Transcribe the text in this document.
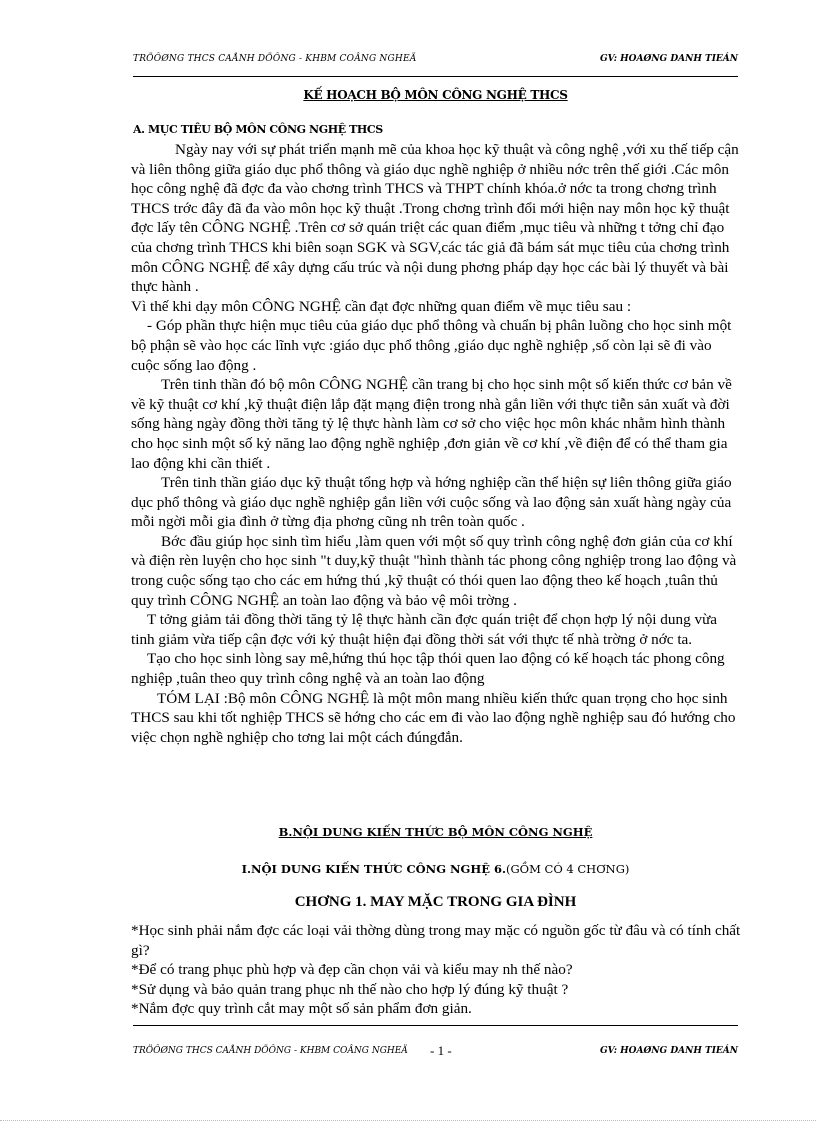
TRÖÔØNG THCS CAÅNH DÖÔNG - KHBM COÂNG NGHEÄ	GV: HOAØNG DANH TIEÁN
KẾ HOẠCH BỘ MÔN CÔNG NGHỆ THCS
A. MỤC TIÊU BỘ MÔN CÔNG NGHỆ THCS

Ngày nay với sự phát triển mạnh mẽ của khoa học kỹ thuật và công nghệ ,với xu thế tiếp cận và liên thông giữa giáo dục phổ thông và giáo dục nghề nghiệp ở nhiều nớc trên thế giới .Các môn học công nghệ đã đợc đa vào chơng trình THCS và THPT chính khóa.ở nớc ta trong chơng trình THCS trớc đây đã đa vào môn học kỹ thuật .Trong chơng trình đổi mới hiện nay môn học kỹ thuật đợc lấy tên CÔNG NGHỆ .Trên cơ sở quán triệt các quan điểm ,mục tiêu và những t tởng chỉ đạo của chơng trình THCS khi biên soạn SGK và SGV,các tác giả đã bám sát mục tiêu của chơng trình môn CÔNG NGHỆ để xây dựng cấu trúc và nội dung phơng pháp dạy học các bài lý thuyết và bài thực hành .

Vì thế khi dạy môn CÔNG NGHỆ cần đạt đợc những quan điểm về mục tiêu sau :

- Góp phần thực hiện mục tiêu của giáo dục phổ thông và chuẩn bị phân luồng cho học sinh một bộ phận sẽ vào học các lĩnh vực :giáo dục phổ thông ,giáo dục nghề nghiệp ,số còn lại sẽ đi vào cuộc sống lao động .

Trên tinh thần đó bộ môn CÔNG NGHỆ cần trang bị cho học sinh một số kiến thức cơ bản về về kỹ thuật cơ khí ,kỹ thuật điện lắp đặt mạng điện trong nhà gắn liền với thực tiễn sản xuất và đời sống hàng ngày đồng thời tăng tỷ lệ thực hành làm cơ sở cho việc học môn khác nhằm hình thành cho học sinh một số kỷ năng lao động nghề nghiệp ,đơn giản về cơ khí ,về điện để có thể tham gia lao động khi cần thiết .

Trên tinh thần giáo dục kỹ thuật tổng hợp và hớng nghiệp cần thể hiện sự liên thông giữa giáo dục phổ thông và giáo dục nghề nghiệp gắn liền với cuộc sống và lao động sản xuất hàng ngày của mỗi ngời mỗi gia đình ở từng địa phơng cũng nh trên toàn quốc .

Bớc đầu giúp học sinh tìm hiểu ,làm quen với một số quy trình công nghệ đơn giản của cơ khí và điện rèn luyện cho học sinh "t duy,kỹ thuật "hình thành tác phong công nghiệp trong lao động và trong cuộc sống tạo cho các em hứng thú ,kỹ thuật có thói quen lao động theo kế hoạch ,tuân thủ quy trình CÔNG NGHỆ an toàn lao động và bảo vệ môi trờng .

T tởng giảm tải đồng thời tăng tỷ lệ thực hành cần đợc quán triệt để chọn hợp lý nội dung vừa tinh giảm vừa tiếp cận đợc với kỷ thuật hiện đại đồng thời sát với thực tế nhà trờng ở nớc ta.

Tạo cho học sinh lòng say mê,hứng thú học tập thói quen lao động có kế hoạch tác phong công nghiệp ,tuân theo quy trình công nghệ và an toàn lao động

TÓM LẠI :Bộ môn CÔNG NGHỆ là một môn mang nhiều kiến thức quan trọng cho học sinh THCS sau khi tốt nghiệp THCS sẽ hớng cho các em đi vào lao động nghề nghiệp sau đó hướng cho việc chọn nghề nghiệp cho tơng lai một cách đúngđắn.

B.NỘI DUNG KIẾN THỨC BỘ MÔN CÔNG NGHỆ
I.NỘI DUNG KIẾN THỨC CÔNG NGHỆ 6.(GỒM CÓ 4 CHƠNG)
CHƠNG 1. MAY MẶC TRONG GIA ĐÌNH

*Học sinh phải nắm đợc các loại vải thờng dùng trong may mặc có nguồn gốc từ đâu và có tính chất gì?

*Để có trang phục phù hợp và đẹp cần chọn vải và kiểu may nh thế nào?

*Sử dụng và bảo quản trang phục nh thế nào cho hợp lý đúng kỹ thuật ?

*Nắm đợc quy trình cắt may một số sản phẩm đơn giản.

TRÖÔØNG THCS CAÅNH DÖÔNG - KHBM COÂNG NGHEÄ - 1 -	GV: HOAØNG DANH TIEÁN
